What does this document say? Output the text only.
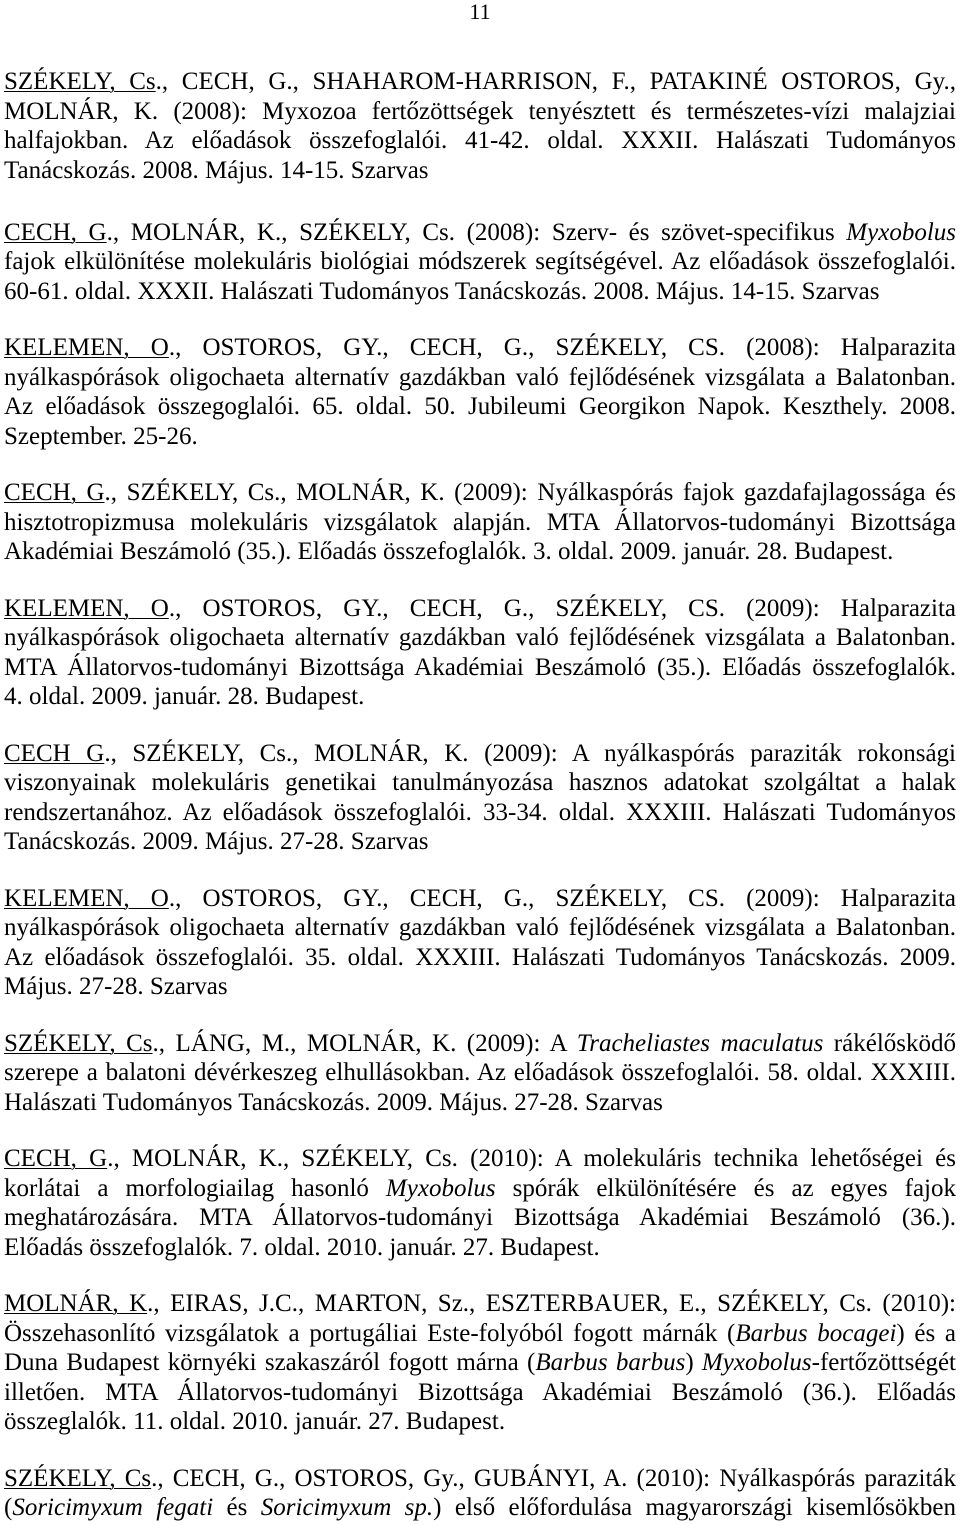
11
SZÉKELY, Cs., CECH, G., SHAHAROM-HARRISON, F., PATAKINÉ OSTOROS, Gy.,
MOLNÁR, K. (2008): Myxozoa fertőzöttségek tenyésztett és természetes-vízi malajziai
halfajokban. Az előadások összefoglalói. 41-42. oldal. XXXII. Halászati Tudományos
Tanácskozás. 2008. Május. 14-15. Szarvas
CECH, G., MOLNÁR, K., SZÉKELY, Cs. (2008): Szerv- és szövet-specifikus Myxobolus
fajok elkülönítése molekuláris biológiai módszerek segítségével. Az előadások összefoglalói.
60-61. oldal. XXXII. Halászati Tudományos Tanácskozás. 2008. Május. 14-15. Szarvas
KELEMEN, O., OSTOROS, GY., CECH, G., SZÉKELY, CS. (2008): Halparazita
nyálkaspórások oligochaeta alternatív gazdákban való fejlődésének vizsgálata a Balatonban.
Az előadások összegoglalói. 65. oldal. 50. Jubileumi Georgikon Napok. Keszthely. 2008.
Szeptember. 25-26.
CECH, G., SZÉKELY, Cs., MOLNÁR, K. (2009): Nyálkaspórás fajok gazdafajlagossága és
hisztotropizmusa molekuláris vizsgálatok alapján. MTA Állatorvos-tudományi Bizottsága
Akadémiai Beszámoló (35.). Előadás összefoglalók. 3. oldal. 2009. január. 28. Budapest.
KELEMEN, O., OSTOROS, GY., CECH, G., SZÉKELY, CS. (2009): Halparazita
nyálkaspórások oligochaeta alternatív gazdákban való fejlődésének vizsgálata a Balatonban.
MTA Állatorvos-tudományi Bizottsága Akadémiai Beszámoló (35.). Előadás összefoglalók.
4. oldal. 2009. január. 28. Budapest.
CECH G., SZÉKELY, Cs., MOLNÁR, K. (2009): A nyálkaspórás paraziták rokonsági
viszonyainak molekuláris genetikai tanulmányozása hasznos adatokat szolgáltat a halak
rendszertanához. Az előadások összefoglalói. 33-34. oldal. XXXIII. Halászati Tudományos
Tanácskozás. 2009. Május. 27-28. Szarvas
KELEMEN, O., OSTOROS, GY., CECH, G., SZÉKELY, CS. (2009): Halparazita
nyálkaspórások oligochaeta alternatív gazdákban való fejlődésének vizsgálata a Balatonban.
Az előadások összefoglalói. 35. oldal. XXXIII. Halászati Tudományos Tanácskozás. 2009.
Május. 27-28. Szarvas
SZÉKELY, Cs., LÁNG, M., MOLNÁR, K. (2009): A Tracheliastes maculatus rákélősködő
szerepe a balatoni dévérkeszeg elhullásokban. Az előadások összefoglalói. 58. oldal. XXXIII.
Halászati Tudományos Tanácskozás. 2009. Május. 27-28. Szarvas
CECH, G., MOLNÁR, K., SZÉKELY, Cs. (2010): A molekuláris technika lehetőségei és
korlátai a morfologiailag hasonló Myxobolus spórák elkülönítésére és az egyes fajok
meghatározására. MTA Állatorvos-tudományi Bizottsága Akadémiai Beszámoló (36.).
Előadás összefoglalók. 7. oldal. 2010. január. 27. Budapest.
MOLNÁR, K., EIRAS, J.C., MARTON, Sz., ESZTERBAUER, E., SZÉKELY, Cs. (2010):
Összehasonlító vizsgálatok a portugáliai Este-folyóból fogott márnák (Barbus bocagei) és a
Duna Budapest környéki szakaszáról fogott márna (Barbus barbus) Myxobolus-fertőzöttségét
illetően. MTA Állatorvos-tudományi Bizottsága Akadémiai Beszámoló (36.). Előadás
összeglalók. 11. oldal. 2010. január. 27. Budapest.
SZÉKELY, Cs., CECH, G., OSTOROS, Gy., GUBÁNYI, A. (2010): Nyálkaspórás paraziták
(Soricimyxum fegati és Soricimyxum sp.) első előfordulása magyarországi kisemlősökben
